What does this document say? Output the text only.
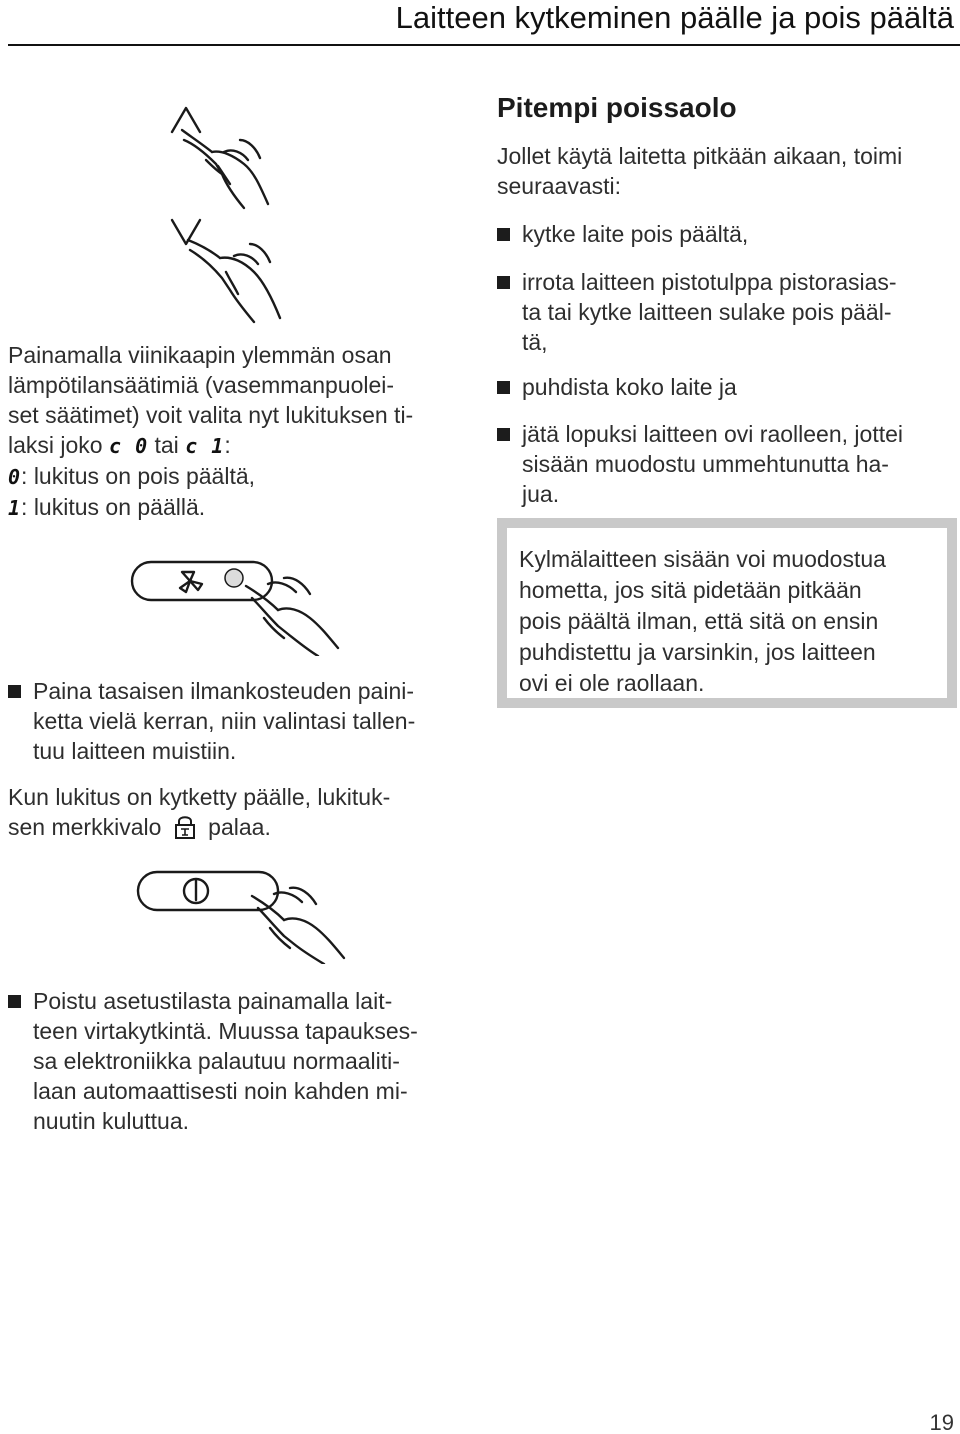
Laitteen kytkeminen päälle ja pois päältä
Painamalla viinikaapin ylemmän osan
lämpötilansäätimiä (vasemmanpuolei-
set säätimet) voit valita nyt lukituksen ti-
laksi joko c 0 tai c 1:
0: lukitus on pois päältä,
1: lukitus on päällä.
Paina tasaisen ilmankosteuden paini-
ketta vielä kerran, niin valintasi tallen-
tuu laitteen muistiin.
Kun lukitus on kytketty päälle, lukituk-
sen merkkivalo palaa.
Poistu asetustilasta painamalla lait-
teen virtakytkintä. Muussa tapaukses-
sa elektroniikka palautuu normaaliti-
laan automaattisesti noin kahden mi-
nuutin kuluttua.
Pitempi poissaolo
Jollet käytä laitetta pitkään aikaan, toimi
seuraavasti:
kytke laite pois päältä,
irrota laitteen pistotulppa pistorasias-
ta tai kytke laitteen sulake pois pääl-
tä,
puhdista koko laite ja
jätä lopuksi laitteen ovi raolleen, jottei
sisään muodostu ummehtunutta ha-
jua.
Kylmälaitteen sisään voi muodostua
hometta, jos sitä pidetään pitkään
pois päältä ilman, että sitä on ensin
puhdistettu ja varsinkin, jos laitteen
ovi ei ole raollaan.
19
